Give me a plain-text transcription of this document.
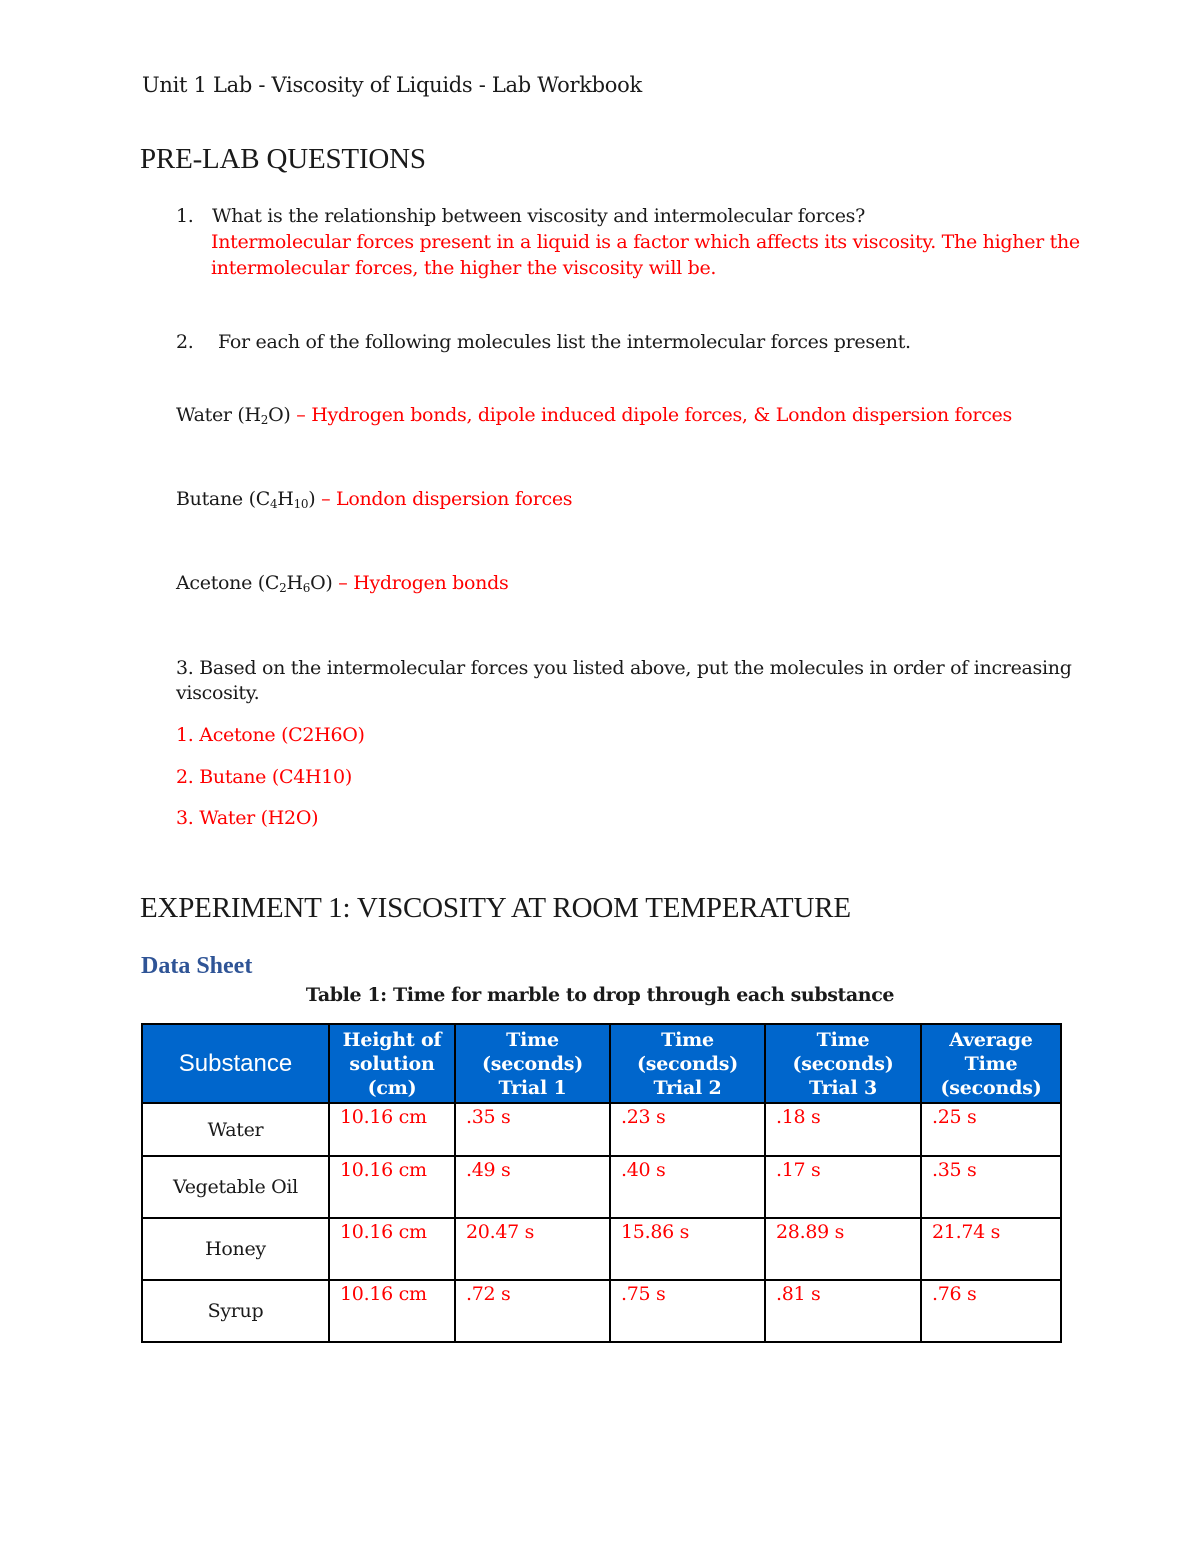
Unit 1 Lab - Viscosity of Liquids - Lab Workbook
PRE-LAB QUESTIONS
1. What is the relationship between viscosity and intermolecular forces?
Intermolecular forces present in a liquid is a factor which affects its viscosity. The higher the
intermolecular forces, the higher the viscosity will be.
2. For each of the following molecules list the intermolecular forces present.
Water $(H_2O)$ – Hydrogen bonds, dipole induced dipole forces, & London dispersion forces
Butane $(C_4H_{10})$ – London dispersion forces
Acetone $(C_2H_6O)$ – Hydrogen bonds
3. Based on the intermolecular forces you listed above, put the molecules in order of increasing
viscosity.
1. Acetone (C2H6O)
2. Butane (C4H10)
3. Water (H2O)
EXPERIMENT 1: VISCOSITY AT ROOM TEMPERATURE
Data Sheet
Table 1: Time for marble to drop through each substance
Substance	Height of
solution
(cm)	Time
(seconds)
Trial 1	Time
(seconds)
Trial 2	Time
(seconds)
Trial 3	Average
Time
(seconds)

Water	10.16 cm	.35 s	.23 s	.18 s	.25 s
Vegetable Oil	10.16 cm	.49 s	.40 s	.17 s	.35 s
Honey	10.16 cm	20.47 s	15.86 s	28.89 s	21.74 s
Syrup	10.16 cm	.72 s	.75 s	.81 s	.76 s
